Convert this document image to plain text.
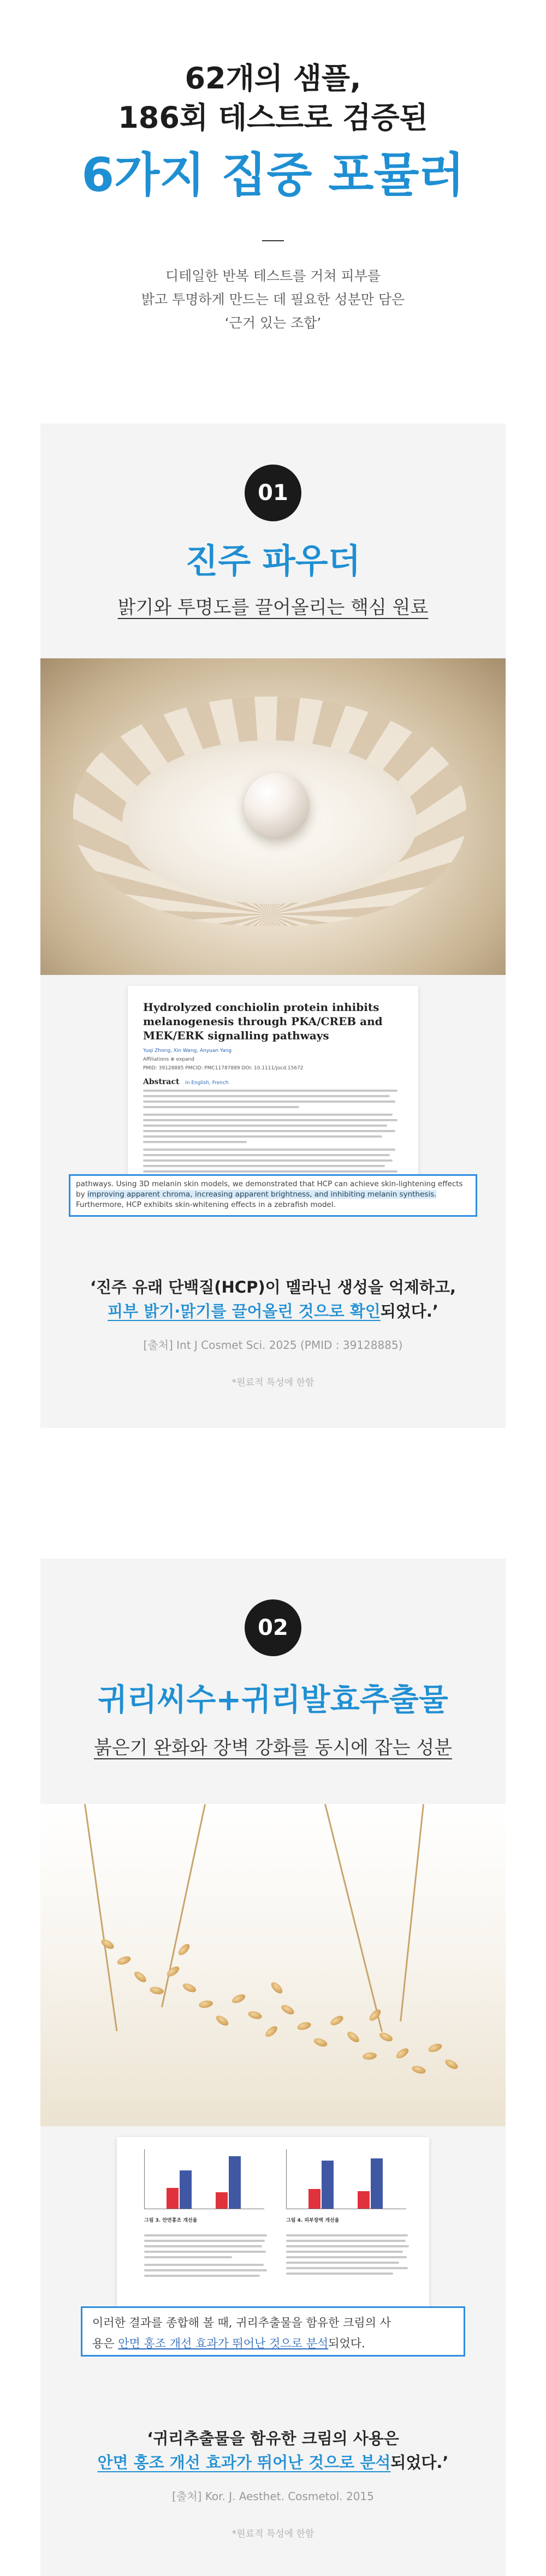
62개의 샘플,
186회 테스트로 검증된
6가지 집중 포뮬러
디테일한 반복 테스트를 거쳐 피부를
밝고 투명하게 만드는 데 필요한 성분만 담은
‘근거 있는 조합’
01
진주 파우더
밝기와 투명도를 끌어올리는 핵심 원료
Hydrolyzed conchiolin protein inhibits melanogenesis through PKA/CREB and MEK/ERK signalling pathways
Yuqi Zhong, Xin Wang, Anyuan Yang
Affiliations ⊕ expand
PMID: 39128885 PMCID: PMC11787889 DOI: 10.1111/jocd.15672
Abstract in English, French
pathways. Using 3D melanin skin models, we demonstrated that HCP can achieve skin-lightening effects by improving apparent chroma, increasing apparent brightness, and inhibiting melanin synthesis. Furthermore, HCP exhibits skin-whitening effects in a zebrafish model.
‘진주 유래 단백질(HCP)이 멜라닌 생성을 억제하고,
피부 밝기·맑기를 끌어올린 것으로 확인되었다.’
[출처] Int J Cosmet Sci. 2025 (PMID : 39128885)
*원료적 특성에 한함
02
귀리씨수+귀리발효추출물
붉은기 완화와 장벽 강화를 동시에 잡는 성분
그림 3. 안면홍조 개선율	그림 4. 피부장벽 개선율
이러한 결과를 종합해 볼 때, 귀리추출물을 함유한 크림의 사
용은 안면 홍조 개선 효과가 뛰어난 것으로 분석되었다.
‘귀리추출물을 함유한 크림의 사용은
안면 홍조 개선 효과가 뛰어난 것으로 분석되었다.’
[출처] Kor. J. Aesthet. Cosmetol. 2015
*원료적 특성에 한함
